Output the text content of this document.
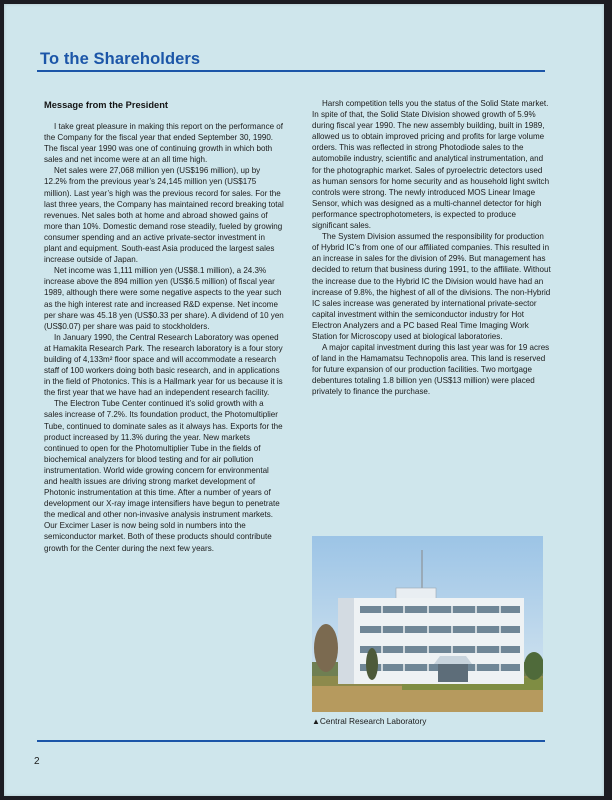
To the Shareholders
Message from the President

I take great pleasure in making this report on the performance of the Company for the fiscal year that ended September 30, 1990. The fiscal year 1990 was one of continuing growth in which both sales and net income were at an all time high.

Net sales were 27,068 million yen (US$196 million), up by 12.2% from the previous year’s 24,145 million yen (US$175 million). Last year’s high was the previous record for sales. For the last three years, the Company has maintained record breaking total revenues. Net sales both at home and abroad showed gains of more than 10%. Domestic demand rose steadily, fueled by growing consumer spending and an active private-sector investment in plant and equipment. South-east Asia produced the largest sales increase outside of Japan.

Net income was 1,111 million yen (US$8.1 million), a 24.3% increase above the 894 million yen (US$6.5 million) of fiscal year 1989, although there were some negative aspects to the year such as the high interest rate and increased R&D expense. Net income per share was 45.18 yen (US$0.33 per share). A dividend of 10 yen (US$0.07) per share was paid to stockholders.

In January 1990, the Central Research Laboratory was opened at Hamakita Research Park. The research laboratory is a four story building of 4,133m² floor space and will accommodate a research staff of 100 workers doing both basic research, and in applications in the field of Photonics. This is a Hallmark year for us because it is the first year that we have had an independent research facility.

The Electron Tube Center continued it’s solid growth with a sales increase of 7.2%. Its foundation product, the Photomultiplier Tube, continued to dominate sales as it always has. Exports for the product increased by 11.3% during the year. New markets continued to open for the Photomultiplier Tube in the fields of biochemical analyzers for blood testing and for air pollution instrumentation. World wide growing concern for environmental and health issues are driving strong market development of Photonic instrumentation at this time. After a number of years of development our X-ray image intensifiers have begun to penetrate the medical and other non-invasive analysis instrument markets. Our Excimer Laser is now being sold in numbers into the semiconductor market. Both of these products should contribute growth for the Center during the next few years.

Harsh competition tells you the status of the Solid State market. In spite of that, the Solid State Division showed growth of 5.9% during fiscal year 1990. The new assembly building, built in 1989, allowed us to obtain improved pricing and profits for large volume orders. This was reflected in strong Photodiode sales to the automobile industry, scientific and analytical instrumentation, and for the photographic market. Sales of pyroelectric detectors used as human sensors for home security and as household light switch controls were strong. The newly introduced MOS Linear Image Sensor, which was designed as a multi-channel detector for high performance spectrophotometers, is expected to produce significant sales.

The System Division assumed the responsibility for production of Hybrid IC’s from one of our affiliated companies. This resulted in an increase in sales for the division of 29%. But management has decided to return that business during 1991, to the affiliate. Without the increase due to the Hybrid IC the Division would have had an increase of 9.8%, the highest of all of the divisions. The non-Hybrid IC sales increase was generated by international private-sector capital investment within the semiconductor industry for Hot Electron Analyzers and a PC based Real Time Imaging Work Station for Microscopy used at biological laboratories.

A major capital investment during this last year was for 19 acres of land in the Hamamatsu Technopolis area. This land is reserved for future expansion of our production facilities. Two mortgage debentures totaling 1.8 billion yen (US$13 million) were placed privately to finance the purchase.

▲Central Research Laboratory
2
